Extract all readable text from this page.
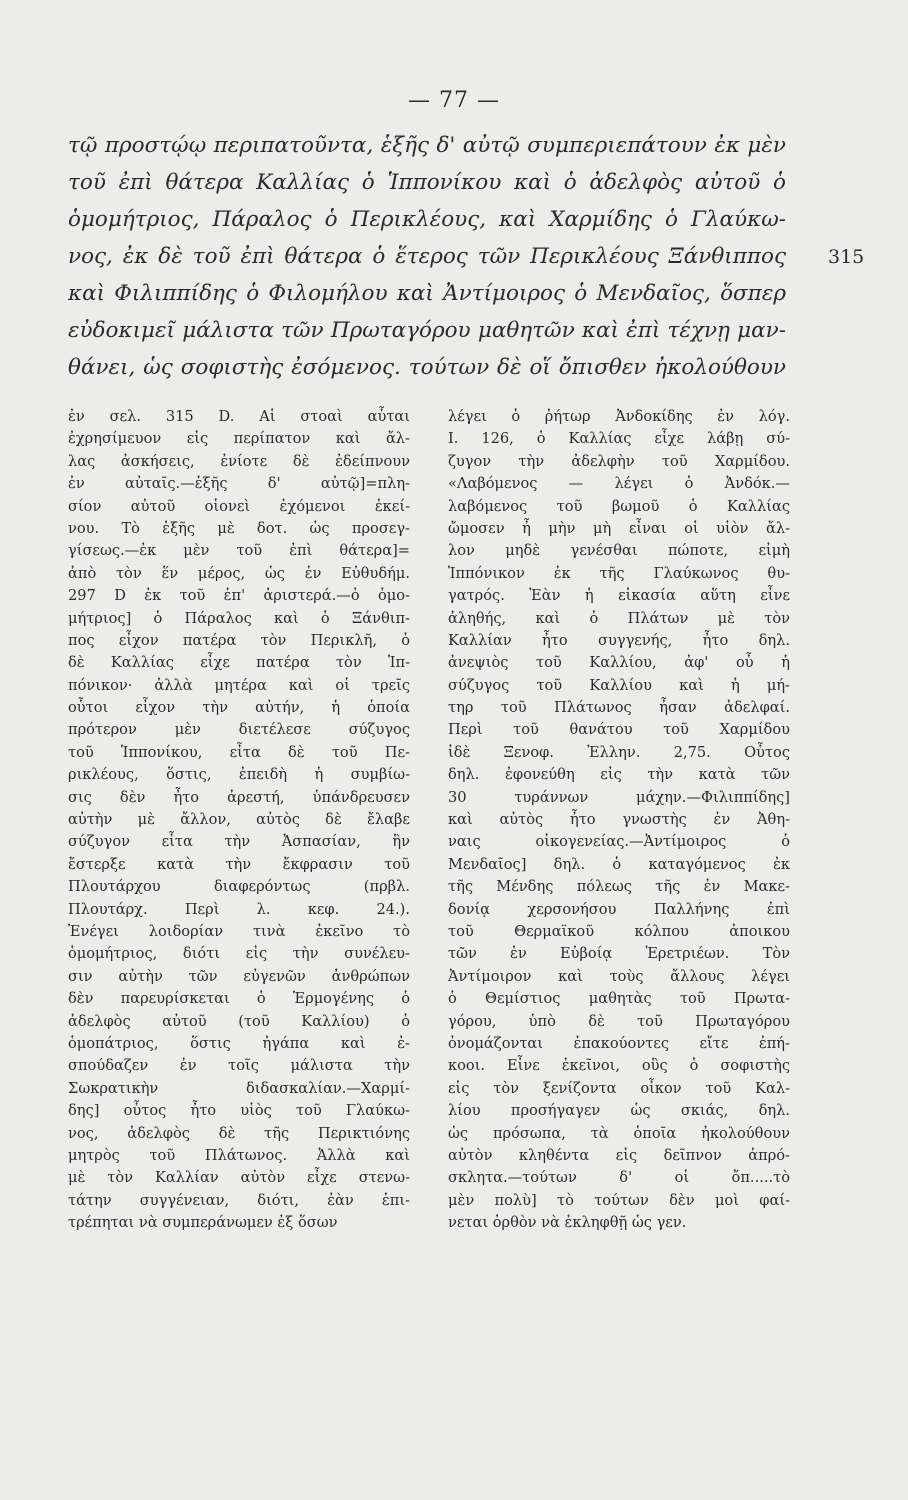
— 77 —
τῷ προστῴῳ περιπατοῦντα, ἑξῆς δ' αὐτῷ συμπεριεπάτουν ἐκ μὲν
τοῦ ἐπὶ θάτερα Καλλίας ὁ Ἱππονίκου καὶ ὁ ἀδελφὸς αὐτοῦ ὁ
ὁμομήτριος, Πάραλος ὁ Περικλέους, καὶ Χαρμίδης ὁ Γλαύκω-
νος, ἐκ δὲ τοῦ ἐπὶ θάτερα ὁ ἕτερος τῶν Περικλέους Ξάνθιππος
καὶ Φιλιππίδης ὁ Φιλομήλου καὶ Ἀντίμοιρος ὁ Μενδαῖος, ὅσπερ
εὐδοκιμεῖ μάλιστα τῶν Πρωταγόρου μαθητῶν καὶ ἐπὶ τέχνῃ μαν-
θάνει, ὡς σοφιστὴς ἐσόμενος. τούτων δὲ οἵ ὄπισθεν ἠκολούθουν
315
ἐν σελ. 315 D. Αἱ στοαὶ αὗται
ἐχρησίμευον εἰς περίπατον καὶ ἄλ-
λας ἀσκήσεις, ἐνίοτε δὲ ἐδείπνουν
ἐν αὐταῖς.—ἑξῆς δ' αὐτῷ]=πλη-
σίον αὐτοῦ οἱονεὶ ἐχόμενοι ἐκεί-
νου. Τὸ ἑξῆς μὲ δοτ. ὡς προσεγ-
γίσεως.—ἐκ μὲν τοῦ ἐπὶ θάτερα]=
ἀπὸ τὸν ἕν μέρος, ὡς ἐν Εὐθυδήμ.
297 D ἐκ τοῦ ἐπ' ἀριστερά.—ὁ ὁμο-
μήτριος] ὁ Πάραλος καὶ ὁ Ξάνθιπ-
πος εἶχον πατέρα τὸν Περικλῆ, ὁ
δὲ Καλλίας εἶχε πατέρα τὸν Ἱπ-
πόνικον· ἀλλὰ μητέρα καὶ οἱ τρεῖς
οὗτοι εἶχον τὴν αὐτήν, ἡ ὁποία
πρότερον μὲν διετέλεσε σύζυγος
τοῦ Ἱππονίκου, εἶτα δὲ τοῦ Πε-
ρικλέους, ὅστις, ἐπειδὴ ἡ συμβίω-
σις δὲν ἦτο ἀρεστή, ὑπάνδρευσεν
αὐτὴν μὲ ἄλλον, αὐτὸς δὲ ἔλαβε
σύζυγον εἶτα τὴν Ἀσπασίαν, ἣν
ἔστερξε κατὰ τὴν ἔκφρασιν τοῦ
Πλουτάρχου διαφερόντως (πρβλ.
Πλουτάρχ. Περὶ λ. κεφ. 24.).
Ἐνέγει λοιδορίαν τινὰ ἐκεῖνο τὸ
ὁμομήτριος, διότι εἰς τὴν συνέλευ-
σιν αὐτὴν τῶν εὐγενῶν ἀνθρώπων
δὲν παρευρίσκεται ὁ Ἑρμογένης ὁ
ἀδελφὸς αὐτοῦ (τοῦ Καλλίου) ὁ
ὁμοπάτριος, ὅστις ἠγάπα καὶ ἐ-
σπούδαζεν ἐν τοῖς μάλιστα τὴν
Σωκρατικὴν διδασκαλίαν.—Χαρμί-
δης] οὗτος ἦτο υἱὸς τοῦ Γλαύκω-
νος, ἀδελφὸς δὲ τῆς Περικτιόνης
μητρὸς τοῦ Πλάτωνος. Ἀλλὰ καὶ
μὲ τὸν Καλλίαν αὐτὸν εἶχε στενω-
τάτην συγγένειαν, διότι, ἐὰν ἐπι-
τρέπηται νὰ συμπεράνωμεν ἐξ ὅσων
λέγει ὁ ῥήτωρ Ἀνδοκίδης ἐν λόγ.
Ι. 126, ὁ Καλλίας εἶχε λάβῃ σύ-
ζυγον τὴν ἀδελφὴν τοῦ Χαρμίδου.
«Λαβόμενος — λέγει ὁ Ἀνδόκ.—
λαβόμενος τοῦ βωμοῦ ὁ Καλλίας
ὤμοσεν ἦ μὴν μὴ εἶναι οἱ υἱὸν ἄλ-
λον μηδὲ γενέσθαι πώποτε, εἰμὴ
Ἱππόνικον ἐκ τῆς Γλαύκωνος θυ-
γατρός. Ἐὰν ἡ εἰκασία αὕτη εἶνε
ἀληθής, καὶ ὁ Πλάτων μὲ τὸν
Καλλίαν ἦτο συγγενής, ἦτο δηλ.
ἀνεψιὸς τοῦ Καλλίου, ἀφ' οὗ ἡ
σύζυγος τοῦ Καλλίου καὶ ἡ μή-
τηρ τοῦ Πλάτωνος ἦσαν ἀδελφαί.
Περὶ τοῦ θανάτου τοῦ Χαρμίδου
ἰδὲ Ξενοφ. Ἑλλην. 2,75. Οὗτος
δηλ. ἐφονεύθη εἰς τὴν κατὰ τῶν
30 τυράννων μάχην.—Φιλιππίδης]
καὶ αὐτὸς ἦτο γνωστὴς ἐν Ἀθη-
ναις οἰκογενείας.—Ἀντίμοιρος ὁ
Μενδαῖος] δηλ. ὁ καταγόμενος ἐκ
τῆς Μένδης πόλεως τῆς ἐν Μακε-
δονίᾳ χερσονήσου Παλλήνης ἐπὶ
τοῦ Θερμαϊκοῦ κόλπου ἀποικου
τῶν ἐν Εὐβοίᾳ Ἐρετριέων. Τὸν
Ἀντίμοιρον καὶ τοὺς ἄλλους λέγει
ὁ Θεμίστιος μαθητὰς τοῦ Πρωτα-
γόρου, ὑπὸ δὲ τοῦ Πρωταγόρου
ὀνομάζονται ἐπακούοντες εἴτε ἐπή-
κοοι. Εἶνε ἐκεῖνοι, οὓς ὁ σοφιστὴς
εἰς τὸν ξενίζοντα οἶκον τοῦ Καλ-
λίου προσήγαγεν ὡς σκιάς, δηλ.
ὡς πρόσωπα, τὰ ὁποῖα ἠκολούθουν
αὐτὸν κληθέντα εἰς δεῖπνον ἀπρό-
σκλητα.—τούτων δ' οἱ ὄπ.....τὸ
μὲν πολὺ] τὸ τούτων δὲν μοὶ φαί-
νεται ὀρθὸν νὰ ἐκληφθῇ ὡς γεν.
